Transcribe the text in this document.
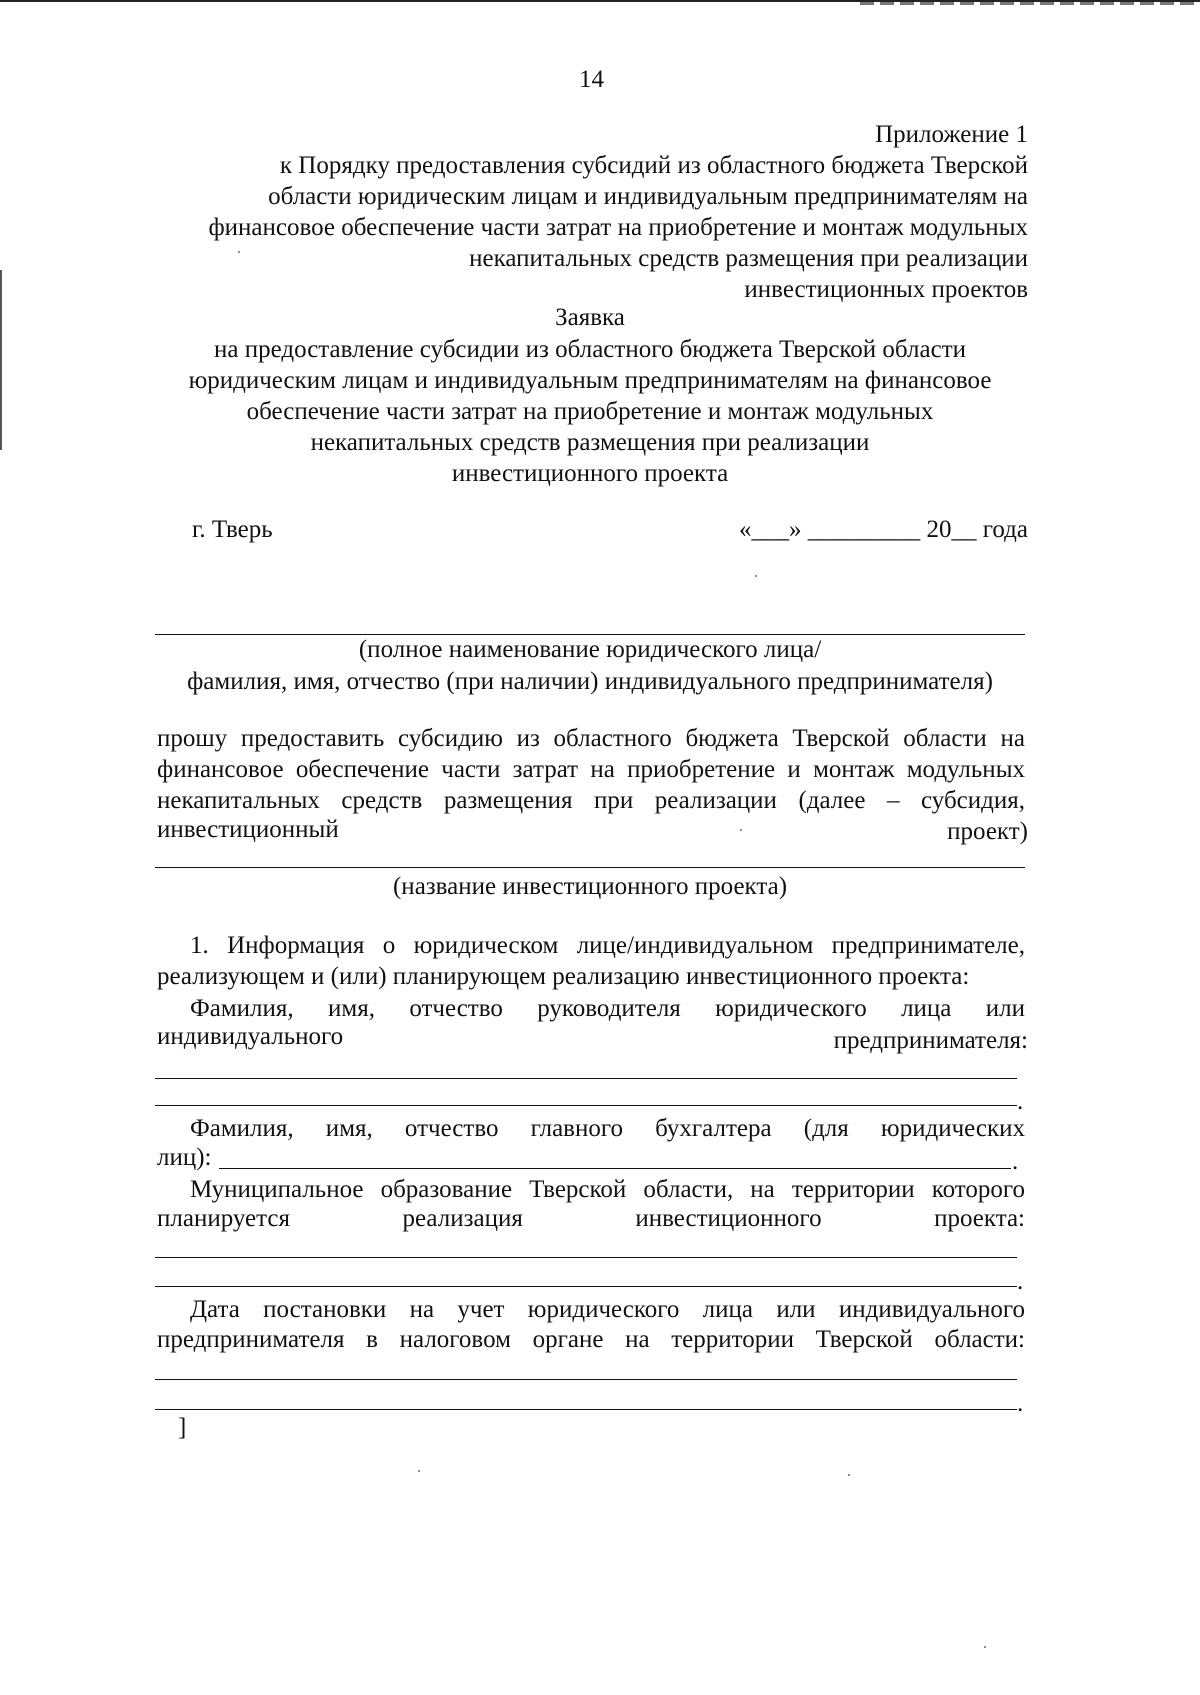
14
Приложение 1
к Порядку предоставления субсидий из областного бюджета Тверской
области юридическим лицам и индивидуальным предпринимателям на
финансовое обеспечение части затрат на приобретение и монтаж модульных
некапитальных средств размещения при реализации
инвестиционных проектов
Заявка
на предоставление субсидии из областного бюджета Тверской области
юридическим лицам и индивидуальным предпринимателям на финансовое
обеспечение части затрат на приобретение и монтаж модульных
некапитальных средств размещения при реализации
инвестиционного проекта
г. Тверь	«___» _________ 20__ года
(полное наименование юридического лица/
фамилия, имя, отчество (при наличии) индивидуального предпринимателя)
прошу предоставить субсидию из областного бюджета Тверской области на
финансовое обеспечение части затрат на приобретение и монтаж модульных
некапитальных средств размещения при реализации (далее – субсидия,
инвестиционный	проект)
(название инвестиционного проекта)
1. Информация о юридическом лице/индивидуальном предпринимателе,
реализующем и (или) планирующем реализацию инвестиционного проекта:
Фамилия, имя, отчество руководителя юридического лица или
индивидуального	предпринимателя:
.
Фамилия, имя, отчество главного бухгалтера (для юридических
лиц):	.
Муниципальное образование Тверской области, на территории которого
планируется реализация инвестиционного проекта:
.
Дата постановки на учет юридического лица или индивидуального
предпринимателя в налоговом органе на территории Тверской области:
.
]
